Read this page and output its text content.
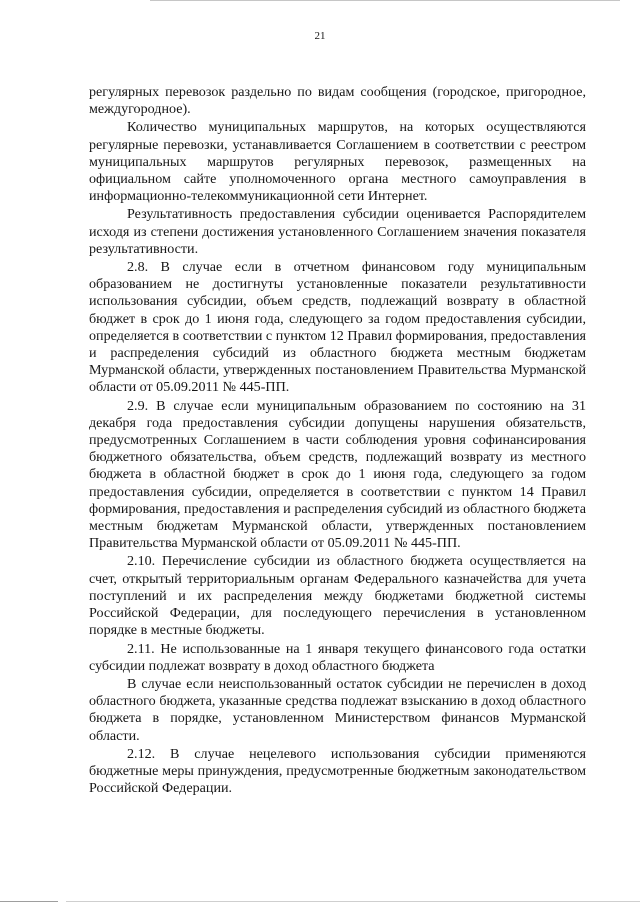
21

регулярных перевозок раздельно по видам сообщения (городское, пригородное, междугородное).

Количество муниципальных маршрутов, на которых осуществляются регулярные перевозки, устанавливается Соглашением в соответствии с реестром муниципальных маршрутов регулярных перевозок, размещенных на официальном сайте уполномоченного органа местного самоуправления в информационно-телекоммуникационной сети Интернет.

Результативность предоставления субсидии оценивается Распорядителем исходя из степени достижения установленного Соглашением значения показателя результативности.

2.8. В случае если в отчетном финансовом году муниципальным образованием не достигнуты установленные показатели результативности использования субсидии, объем средств, подлежащий возврату в областной бюджет в срок до 1 июня года, следующего за годом предоставления субсидии, определяется в соответствии с пунктом 12 Правил формирования, предоставления и распределения субсидий из областного бюджета местным бюджетам Мурманской области, утвержденных постановлением Правительства Мурманской области от 05.09.2011 № 445-ПП.

2.9. В случае если муниципальным образованием по состоянию на 31 декабря года предоставления субсидии допущены нарушения обязательств, предусмотренных Соглашением в части соблюдения уровня софинансирования бюджетного обязательства, объем средств, подлежащий возврату из местного бюджета в областной бюджет в срок до 1 июня года, следующего за годом предоставления субсидии, определяется в соответствии с пунктом 14 Правил формирования, предоставления и распределения субсидий из областного бюджета местным бюджетам Мурманской области, утвержденных постановлением Правительства Мурманской области от 05.09.2011 № 445-ПП.

2.10. Перечисление субсидии из областного бюджета осуществляется на счет, открытый территориальным органам Федерального казначейства для учета поступлений и их распределения между бюджетами бюджетной системы Российской Федерации, для последующего перечисления в установленном порядке в местные бюджеты.

2.11. Не использованные на 1 января текущего финансового года остатки субсидии подлежат возврату в доход областного бюджета

В случае если неиспользованный остаток субсидии не перечислен в доход областного бюджета, указанные средства подлежат взысканию в доход областного бюджета в порядке, установленном Министерством финансов Мурманской области.

2.12. В случае нецелевого использования субсидии применяются бюджетные меры принуждения, предусмотренные бюджетным законодательством Российской Федерации.
